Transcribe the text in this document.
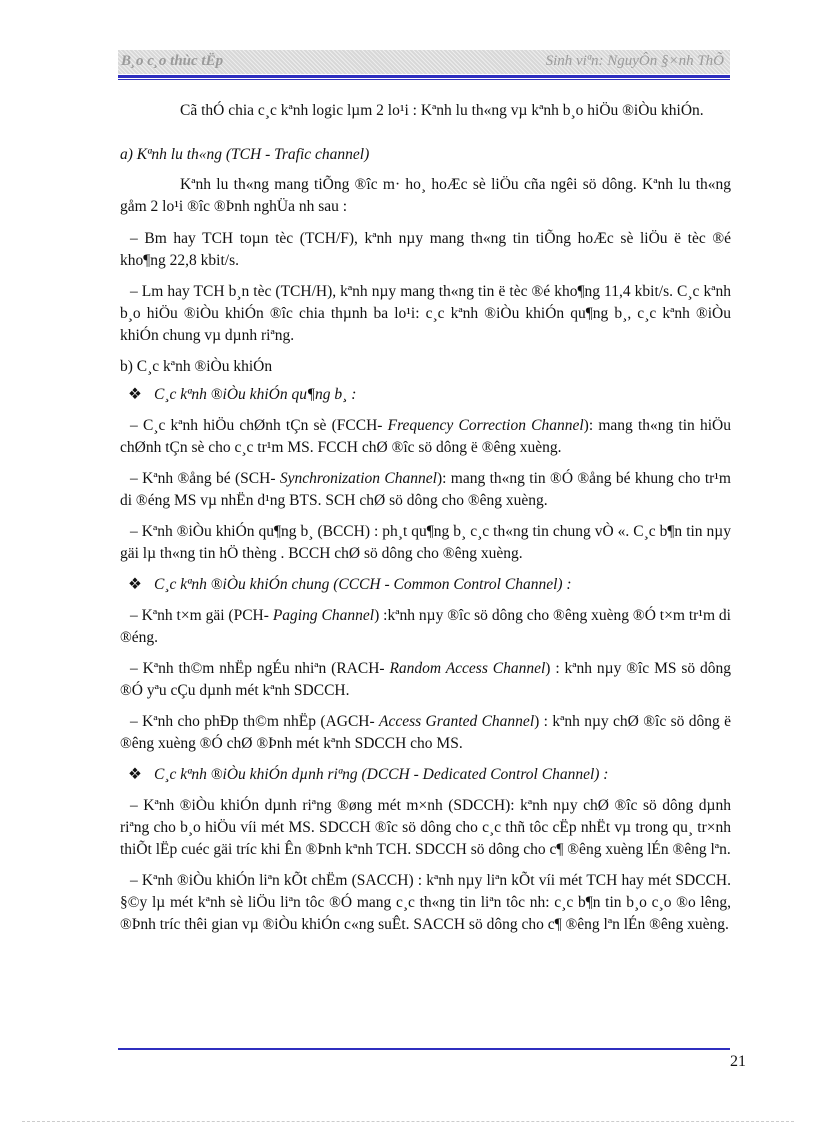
B¸o c¸o thùc tËp	Sinh viªn: NguyÔn §×nh ThÕ

Cã thÓ chia c¸c kªnh logic lµm 2 lo¹i : Kªnh lu th«ng vµ kªnh b¸o hiÖu ®iÒu khiÓn.

a) Kªnh lu th«ng (TCH - Trafic channel)

Kªnh lu th«ng mang tiÕng ®îc m· ho¸ hoÆc sè liÖu cña ngêi sö dông. Kªnh lu th«ng gåm 2 lo¹i ®îc ®Þnh nghÜa nh sau :

– Bm hay TCH toµn tèc (TCH/F), kªnh nµy mang th«ng tin tiÕng hoÆc sè liÖu ë tèc ®é kho¶ng 22,8 kbit/s.

– Lm hay TCH b¸n tèc (TCH/H), kªnh nµy mang th«ng tin ë tèc ®é kho¶ng 11,4 kbit/s. C¸c kªnh b¸o hiÖu ®iÒu khiÓn ®îc chia thµnh ba lo¹i: c¸c kªnh ®iÒu khiÓn qu¶ng b¸, c¸c kªnh ®iÒu khiÓn chung vµ dµnh riªng.

b) C¸c kªnh ®iÒu khiÓn

❖ C¸c kªnh ®iÒu khiÓn qu¶ng b¸ :

– C¸c kªnh hiÖu chØnh tÇn sè (FCCH- Frequency Correction Channel): mang th«ng tin hiÖu chØnh tÇn sè cho c¸c tr¹m MS. FCCH chØ ®îc sö dông ë ®êng xuèng.

– Kªnh ®ång bé (SCH- Synchronization Channel): mang th«ng tin ®Ó ®ång bé khung cho tr¹m di ®éng MS vµ nhËn d¹ng BTS. SCH chØ sö dông cho ®êng xuèng.

– Kªnh ®iÒu khiÓn qu¶ng b¸ (BCCH) : ph¸t qu¶ng b¸ c¸c th«ng tin chung vÒ «. C¸c b¶n tin nµy gäi lµ th«ng tin hÖ thèng . BCCH chØ sö dông cho ®êng xuèng.

❖ C¸c kªnh ®iÒu khiÓn chung (CCCH - Common Control Channel) :

– Kªnh t×m gäi (PCH- Paging Channel) :kªnh nµy ®îc sö dông cho ®êng xuèng ®Ó t×m tr¹m di ®éng.

– Kªnh th©m nhËp ngÉu nhiªn (RACH- Random Access Channel) : kªnh nµy ®îc MS sö dông ®Ó yªu cÇu dµnh mét kªnh SDCCH.

– Kªnh cho phÐp th©m nhËp (AGCH- Access Granted Channel) : kªnh nµy chØ ®îc sö dông ë ®êng xuèng ®Ó chØ ®Þnh mét kªnh SDCCH cho MS.

❖ C¸c kªnh ®iÒu khiÓn dµnh riªng (DCCH - Dedicated Control Channel) :

– Kªnh ®iÒu khiÓn dµnh riªng ®øng mét m×nh (SDCCH): kªnh nµy chØ ®îc sö dông dµnh riªng cho b¸o hiÖu víi mét MS. SDCCH ®îc sö dông cho c¸c thñ tôc cËp nhËt vµ trong qu¸ tr×nh thiÕt lËp cuéc gäi tríc khi Ên ®Þnh kªnh TCH. SDCCH sö dông cho c¶ ®êng xuèng lÉn ®êng lªn.

– Kªnh ®iÒu khiÓn liªn kÕt chËm (SACCH) : kªnh nµy liªn kÕt víi mét TCH hay mét SDCCH. §©y lµ mét kªnh sè liÖu liªn tôc ®Ó mang c¸c th«ng tin liªn tôc nh: c¸c b¶n tin b¸o c¸o ®o lêng, ®Þnh tríc thêi gian vµ ®iÒu khiÓn c«ng suÊt. SACCH sö dông cho c¶ ®êng lªn lÉn ®êng xuèng.

21
